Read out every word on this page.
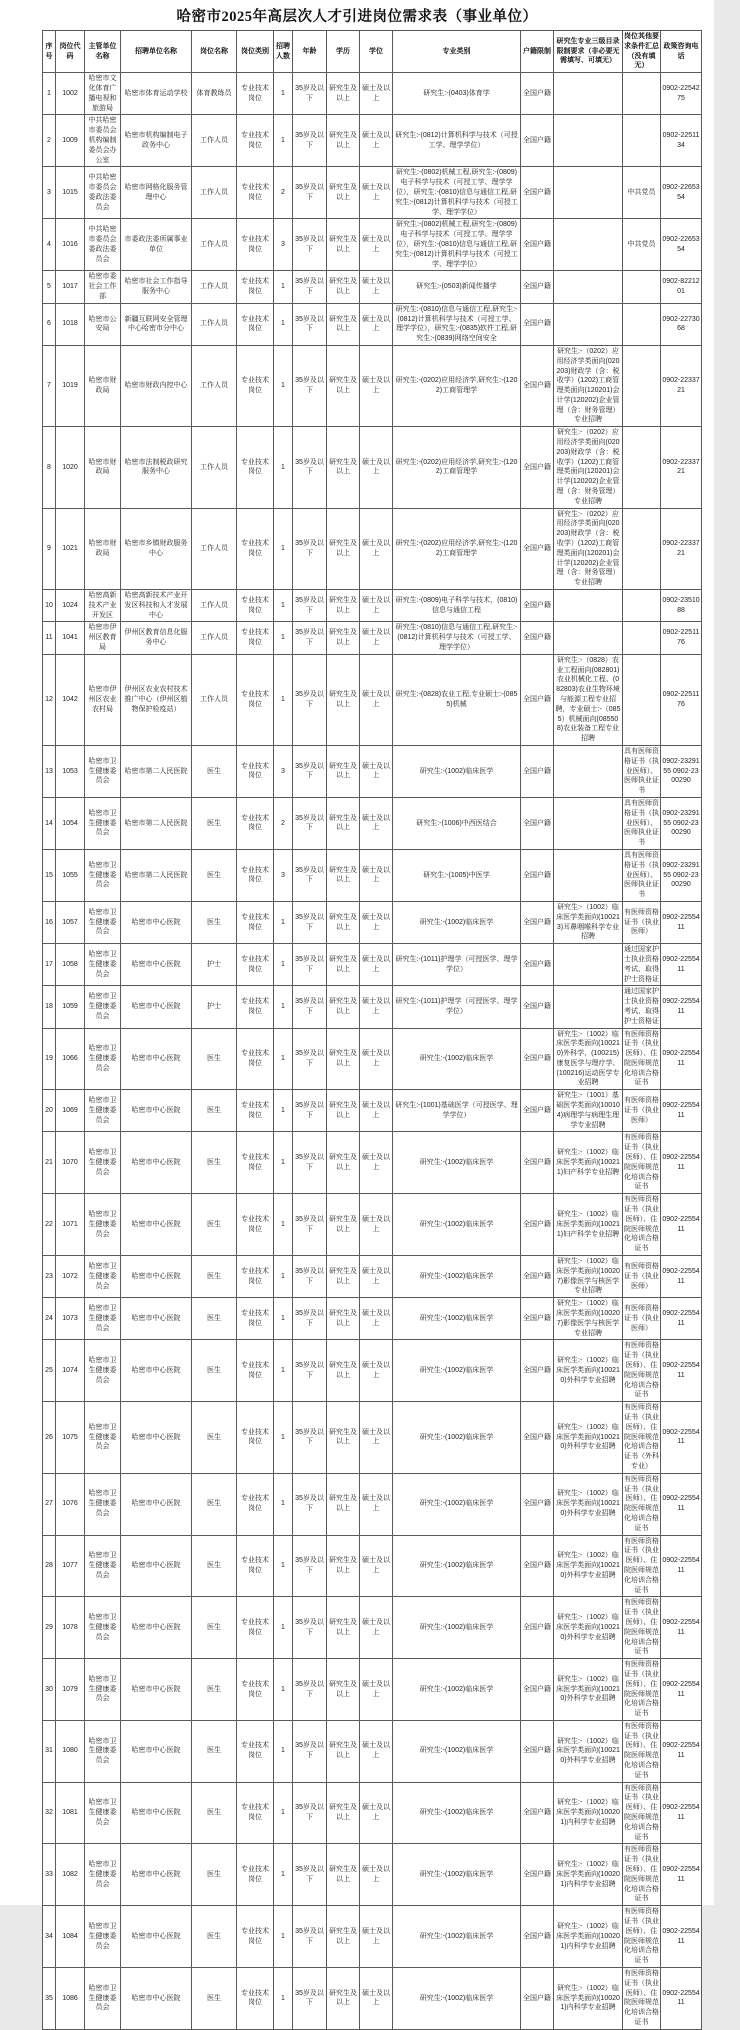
哈密市2025年高层次人才引进岗位需求表（事业单位）
序号	岗位代码	主管单位名称	招聘单位名称	岗位名称	岗位类别	招聘人数	年龄	学历	学位	专业类别	户籍限制	研究生专业三级目录限制要求（非必要无需填写、可填无）	岗位其他要求条件汇总（没有填无）	政策咨询电话
1	1002	哈密市文化体育广播电视和旅游局	哈密市体育运动学校	体育教练员	专业技术岗位	1	35岁及以下	研究生及以上	硕士及以上	研究生:-(0403)体育学	全国户籍			0902-2254275
2	1009	中共哈密市委员会机构编制委员会办公室	哈密市机构编制电子政务中心	工作人员	专业技术岗位	1	35岁及以下	研究生及以上	硕士及以上	研究生:-(0812)计算机科学与技术（可授工学、理学学位）	全国户籍			0902-2251134
3	1015	中共哈密市委员会委政法委员会	哈密市网格化服务管理中心	工作人员	专业技术岗位	2	35岁及以下	研究生及以上	硕士及以上	研究生:-(0802)机械工程,研究生:-(0809)电子科学与技术（可授工学、理学学位），研究生:-(0810)信息与通信工程,研究生:-(0812)计算机科学与技术（可授工学、理学学位）	全国户籍		中共党员	0902-2265354
4	1016	中共哈密市委员会委政法委员会	市委政法委所属事业单位	工作人员	专业技术岗位	3	35岁及以下	研究生及以上	硕士及以上	研究生:-(0802)机械工程,研究生:-(0809)电子科学与技术（可授工学、理学学位），研究生:-(0810)信息与通信工程,研究生:-(0812)计算机科学与技术（可授工学、理学学位）	全国户籍		中共党员	0902-2265354
5	1017	哈密市委社会工作部	哈密市社会工作指导服务中心	工作人员	专业技术岗位	1	35岁及以下	研究生及以上	硕士及以上	研究生:-(0503)新闻传播学	全国户籍			0902-8221201
6	1018	哈密市公安局	新疆互联网安全管理中心哈密市分中心	工作人员	专业技术岗位	1	35岁及以下	研究生及以上	硕士及以上	研究生:-(0810)信息与通信工程,研究生:-(0812)计算机科学与技术（可授工学、理学学位），研究生:-(0835)软件工程,研究生:-(0839)网络空间安全	全国户籍			0902-2273068
7	1019	哈密市财政局	哈密市财政内控中心	工作人员	专业技术岗位	1	35岁及以下	研究生及以上	硕士及以上	研究生:-(0202)应用经济学,研究生:-(1202)工商管理学	全国户籍	研究生:-（0202）应用经济学类面向(020203)财政学（含：税收学）(1202)工商管理类面向(120201)会计学(120202)企业管理（含：财务管理）专业招聘		0902-2233721
8	1020	哈密市财政局	哈密市法制税政研究服务中心	工作人员	专业技术岗位	1	35岁及以下	研究生及以上	硕士及以上	研究生:-(0202)应用经济学,研究生:-(1202)工商管理学	全国户籍	研究生:-（0202）应用经济学类面向(020203)财政学（含：税收学）(1202)工商管理类面向(120201)会计学(120202)企业管理（含：财务管理）专业招聘		0902-2233721
9	1021	哈密市财政局	哈密市乡镇财政服务中心	工作人员	专业技术岗位	1	35岁及以下	研究生及以上	硕士及以上	研究生:-(0202)应用经济学,研究生:-(1202)工商管理学	全国户籍	研究生:-（0202）应用经济学类面向(020203)财政学（含：税收学）(1202)工商管理类面向(120201)会计学(120202)企业管理（含：财务管理）专业招聘		0902-2233721
10	1024	哈密高新技术产业开发区	哈密高新技术产业开发区科技和人才发展中心	工作人员	专业技术岗位	1	35岁及以下	研究生及以上	硕士及以上	研究生:-(0809)电子科学与技术，(0810)信息与通信工程	全国户籍			0902-2351088
11	1041	哈密市伊州区教育局	伊州区教育信息化服务中心	工作人员	专业技术岗位	1	35岁及以下	研究生及以上	硕士及以上	研究生:-(0810)信息与通信工程,研究生:-(0812)计算机科学与技术（可授工学、理学学位）	全国户籍			0902-2251176
12	1042	哈密市伊州区农业农村局	伊州区农业农村技术推广中心（伊州区植物保护检疫站）	工作人员	专业技术岗位	1	35岁及以下	研究生及以上	硕士及以上	研究生:-(0828)农业工程,专业硕士:-(0855)机械	全国户籍	研究生:-（0828）农业工程面向(082801)农业机械化工程、(082803)农业生物环境与能源工程专业招聘，专业硕士:-（0855）机械面向(085508)农业装备工程专业招聘		0902-2251176
13	1053	哈密市卫生健康委员会	哈密市第二人民医院	医生	专业技术岗位	3	35岁及以下	研究生及以上	硕士及以上	研究生:-(1002)临床医学	全国户籍		具有医师资格证书（执业医师）、医师执业证书	0902-2329155 0902-2300290
14	1054	哈密市卫生健康委员会	哈密市第二人民医院	医生	专业技术岗位	2	35岁及以下	研究生及以上	硕士及以上	研究生:-(1006)中西医结合	全国户籍		具有医师资格证书（执业医师）、医师执业证书	0902-2329155 0902-2300290
15	1055	哈密市卫生健康委员会	哈密市第二人民医院	医生	专业技术岗位	3	35岁及以下	研究生及以上	硕士及以上	研究生:-(1005)中医学	全国户籍		具有医师资格证书（执业医师）、医师执业证书	0902-2329155 0902-2300290
16	1057	哈密市卫生健康委员会	哈密市中心医院	医生	专业技术岗位	1	35岁及以下	研究生及以上	硕士及以上	研究生:-(1002)临床医学	全国户籍	研究生:-（1002）临床医学类面向(100213)耳鼻咽喉科学专业招聘	有医师资格证书（执业医师）	0902-2255411
17	1058	哈密市卫生健康委员会	哈密市中心医院	护士	专业技术岗位	1	35岁及以下	研究生及以上	硕士及以上	研究生:-(1011)护理学（可授医学、理学学位）	全国户籍		通过国家护士执业资格考试、取得护士资格证	0902-2255411
18	1059	哈密市卫生健康委员会	哈密市中心医院	护士	专业技术岗位	1	35岁及以下	研究生及以上	硕士及以上	研究生:-(1011)护理学（可授医学、理学学位）	全国户籍		通过国家护士执业资格考试、取得护士资格证	0902-2255411
19	1066	哈密市卫生健康委员会	哈密市中心医院	医生	专业技术岗位	1	35岁及以下	研究生及以上	硕士及以上	研究生:-(1002)临床医学	全国户籍	研究生:-（1002）临床医学类面向(100210)外科学、(100215)康复医学与理疗学、(100216)运动医学专业招聘	有医师资格证书（执业医师）、住院医师规范化培训合格证书	0902-2255411
20	1069	哈密市卫生健康委员会	哈密市中心医院	医生	专业技术岗位	1	35岁及以下	研究生及以上	硕士及以上	研究生:-(1001)基础医学（可授医学、理学学位）	全国户籍	研究生:-（1001）基础医学类面向(100104)病理学与病理生理学专业招聘	有医师资格证书（执业医师）	0902-2255411
21	1070	哈密市卫生健康委员会	哈密市中心医院	医生	专业技术岗位	1	35岁及以下	研究生及以上	硕士及以上	研究生:-(1002)临床医学	全国户籍	研究生:-（1002）临床医学类面向(100211)妇产科学专业招聘	有医师资格证书（执业医师）、住院医师规范化培训合格证书	0902-2255411
22	1071	哈密市卫生健康委员会	哈密市中心医院	医生	专业技术岗位	1	35岁及以下	研究生及以上	硕士及以上	研究生:-(1002)临床医学	全国户籍	研究生:-（1002）临床医学类面向(100211)妇产科学专业招聘	有医师资格证书（执业医师）、住院医师规范化培训合格证书	0902-2255411
23	1072	哈密市卫生健康委员会	哈密市中心医院	医生	专业技术岗位	1	35岁及以下	研究生及以上	硕士及以上	研究生:-(1002)临床医学	全国户籍	研究生:-（1002）临床医学类面向(100207)影像医学与核医学专业招聘	有医师资格证书（执业医师）	0902-2255411
24	1073	哈密市卫生健康委员会	哈密市中心医院	医生	专业技术岗位	1	35岁及以下	研究生及以上	硕士及以上	研究生:-(1002)临床医学	全国户籍	研究生:-（1002）临床医学类面向(100207)影像医学与核医学专业招聘	有医师资格证书（执业医师）	0902-2255411
25	1074	哈密市卫生健康委员会	哈密市中心医院	医生	专业技术岗位	1	35岁及以下	研究生及以上	硕士及以上	研究生:-(1002)临床医学	全国户籍	研究生:-（1002）临床医学类面向(100210)外科学专业招聘	有医师资格证书（执业医师）、住院医师规范化培训合格证书	0902-2255411
26	1075	哈密市卫生健康委员会	哈密市中心医院	医生	专业技术岗位	1	35岁及以下	研究生及以上	硕士及以上	研究生:-(1002)临床医学	全国户籍	研究生:-（1002）临床医学类面向(100210)外科学专业招聘	有医师资格证书（执业医师）、住院医师规范化培训合格证书（外科专业）	0902-2255411
27	1076	哈密市卫生健康委员会	哈密市中心医院	医生	专业技术岗位	1	35岁及以下	研究生及以上	硕士及以上	研究生:-(1002)临床医学	全国户籍	研究生:-（1002）临床医学类面向(100210)外科学专业招聘	有医师资格证书（执业医师）、住院医师规范化培训合格证书	0902-2255411
28	1077	哈密市卫生健康委员会	哈密市中心医院	医生	专业技术岗位	1	35岁及以下	研究生及以上	硕士及以上	研究生:-(1002)临床医学	全国户籍	研究生:-（1002）临床医学类面向(100210)外科学专业招聘	有医师资格证书（执业医师）、住院医师规范化培训合格证书	0902-2255411
29	1078	哈密市卫生健康委员会	哈密市中心医院	医生	专业技术岗位	1	35岁及以下	研究生及以上	硕士及以上	研究生:-(1002)临床医学	全国户籍	研究生:-（1002）临床医学类面向(100210)外科学专业招聘	有医师资格证书（执业医师）、住院医师规范化培训合格证书	0902-2255411
30	1079	哈密市卫生健康委员会	哈密市中心医院	医生	专业技术岗位	1	35岁及以下	研究生及以上	硕士及以上	研究生:-(1002)临床医学	全国户籍	研究生:-（1002）临床医学类面向(100210)外科学专业招聘	有医师资格证书（执业医师）、住院医师规范化培训合格证书	0902-2255411
31	1080	哈密市卫生健康委员会	哈密市中心医院	医生	专业技术岗位	1	35岁及以下	研究生及以上	硕士及以上	研究生:-(1002)临床医学	全国户籍	研究生:-（1002）临床医学类面向(100210)外科学专业招聘	有医师资格证书（执业医师）、住院医师规范化培训合格证书	0902-2255411
32	1081	哈密市卫生健康委员会	哈密市中心医院	医生	专业技术岗位	1	35岁及以下	研究生及以上	硕士及以上	研究生:-(1002)临床医学	全国户籍	研究生:-（1002）临床医学类面向(100201)内科学专业招聘	有医师资格证书（执业医师）、住院医师规范化培训合格证书	0902-2255411
33	1082	哈密市卫生健康委员会	哈密市中心医院	医生	专业技术岗位	1	35岁及以下	研究生及以上	硕士及以上	研究生:-(1002)临床医学	全国户籍	研究生:-（1002）临床医学类面向(100201)内科学专业招聘	有医师资格证书（执业医师）、住院医师规范化培训合格证书	0902-2255411
34	1084	哈密市卫生健康委员会	哈密市中心医院	医生	专业技术岗位	1	35岁及以下	研究生及以上	硕士及以上	研究生:-(1002)临床医学	全国户籍	研究生:-（1002）临床医学类面向(100201)内科学专业招聘	有医师资格证书（执业医师）、住院医师规范化培训合格证书	0902-2255411
35	1086	哈密市卫生健康委员会	哈密市中心医院	医生	专业技术岗位	1	35岁及以下	研究生及以上	硕士及以上	研究生:-(1002)临床医学	全国户籍	研究生:-（1002）临床医学类面向(100201)内科学专业招聘	有医师资格证书（执业医师）、住院医师规范化培训合格证书	0902-2255411
